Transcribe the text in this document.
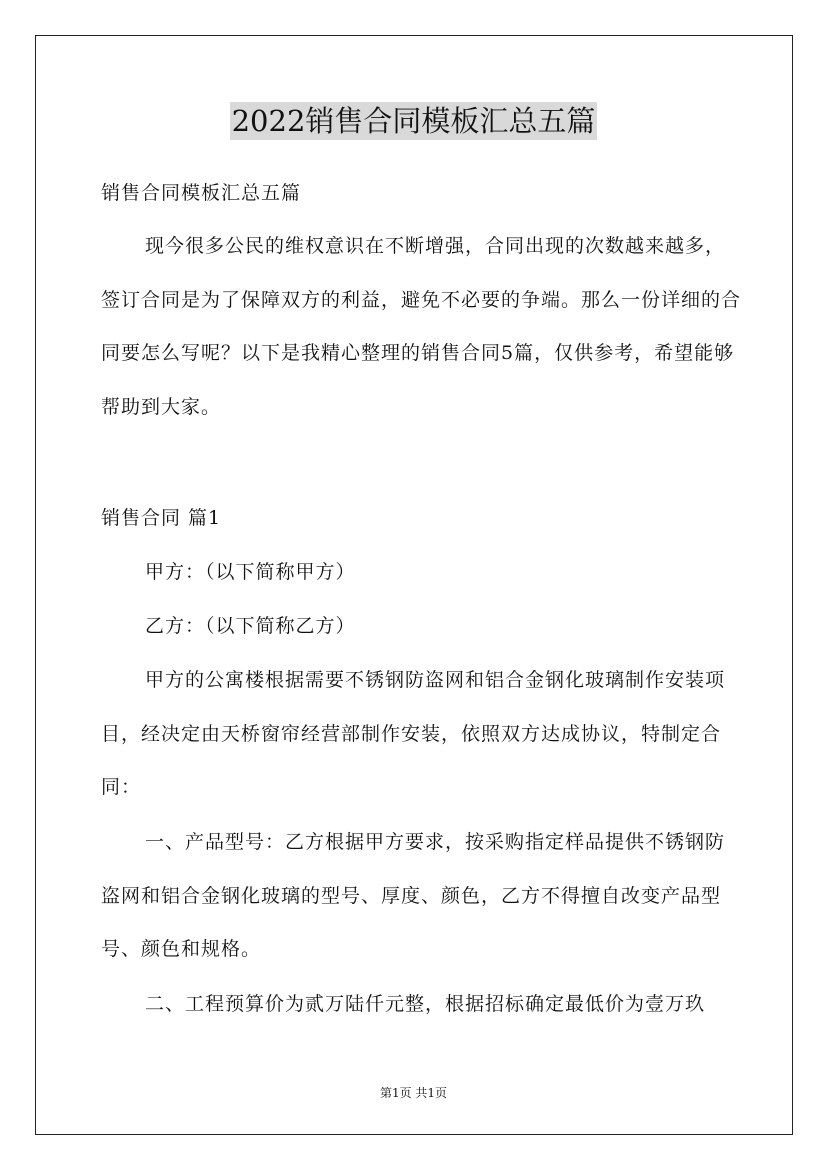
2022销售合同模板汇总五篇

销售合同模板汇总五篇

现今很多公民的维权意识在不断增强，合同出现的次数越来越多，签订合同是为了保障双方的利益，避免不必要的争端。那么一份详细的合同要怎么写呢？以下是我精心整理的销售合同5篇，仅供参考，希望能够帮助到大家。

销售合同 篇1

甲方：（以下简称甲方）

乙方：（以下简称乙方）

甲方的公寓楼根据需要不锈钢防盗网和铝合金钢化玻璃制作安装项目，经决定由天桥窗帘经营部制作安装，依照双方达成协议，特制定合同：

一、产品型号：乙方根据甲方要求，按采购指定样品提供不锈钢防盗网和铝合金钢化玻璃的型号、厚度、颜色，乙方不得擅自改变产品型号、颜色和规格。

二、工程预算价为贰万陆仟元整，根据招标确定最低价为壹万玖

第1页 共1页
